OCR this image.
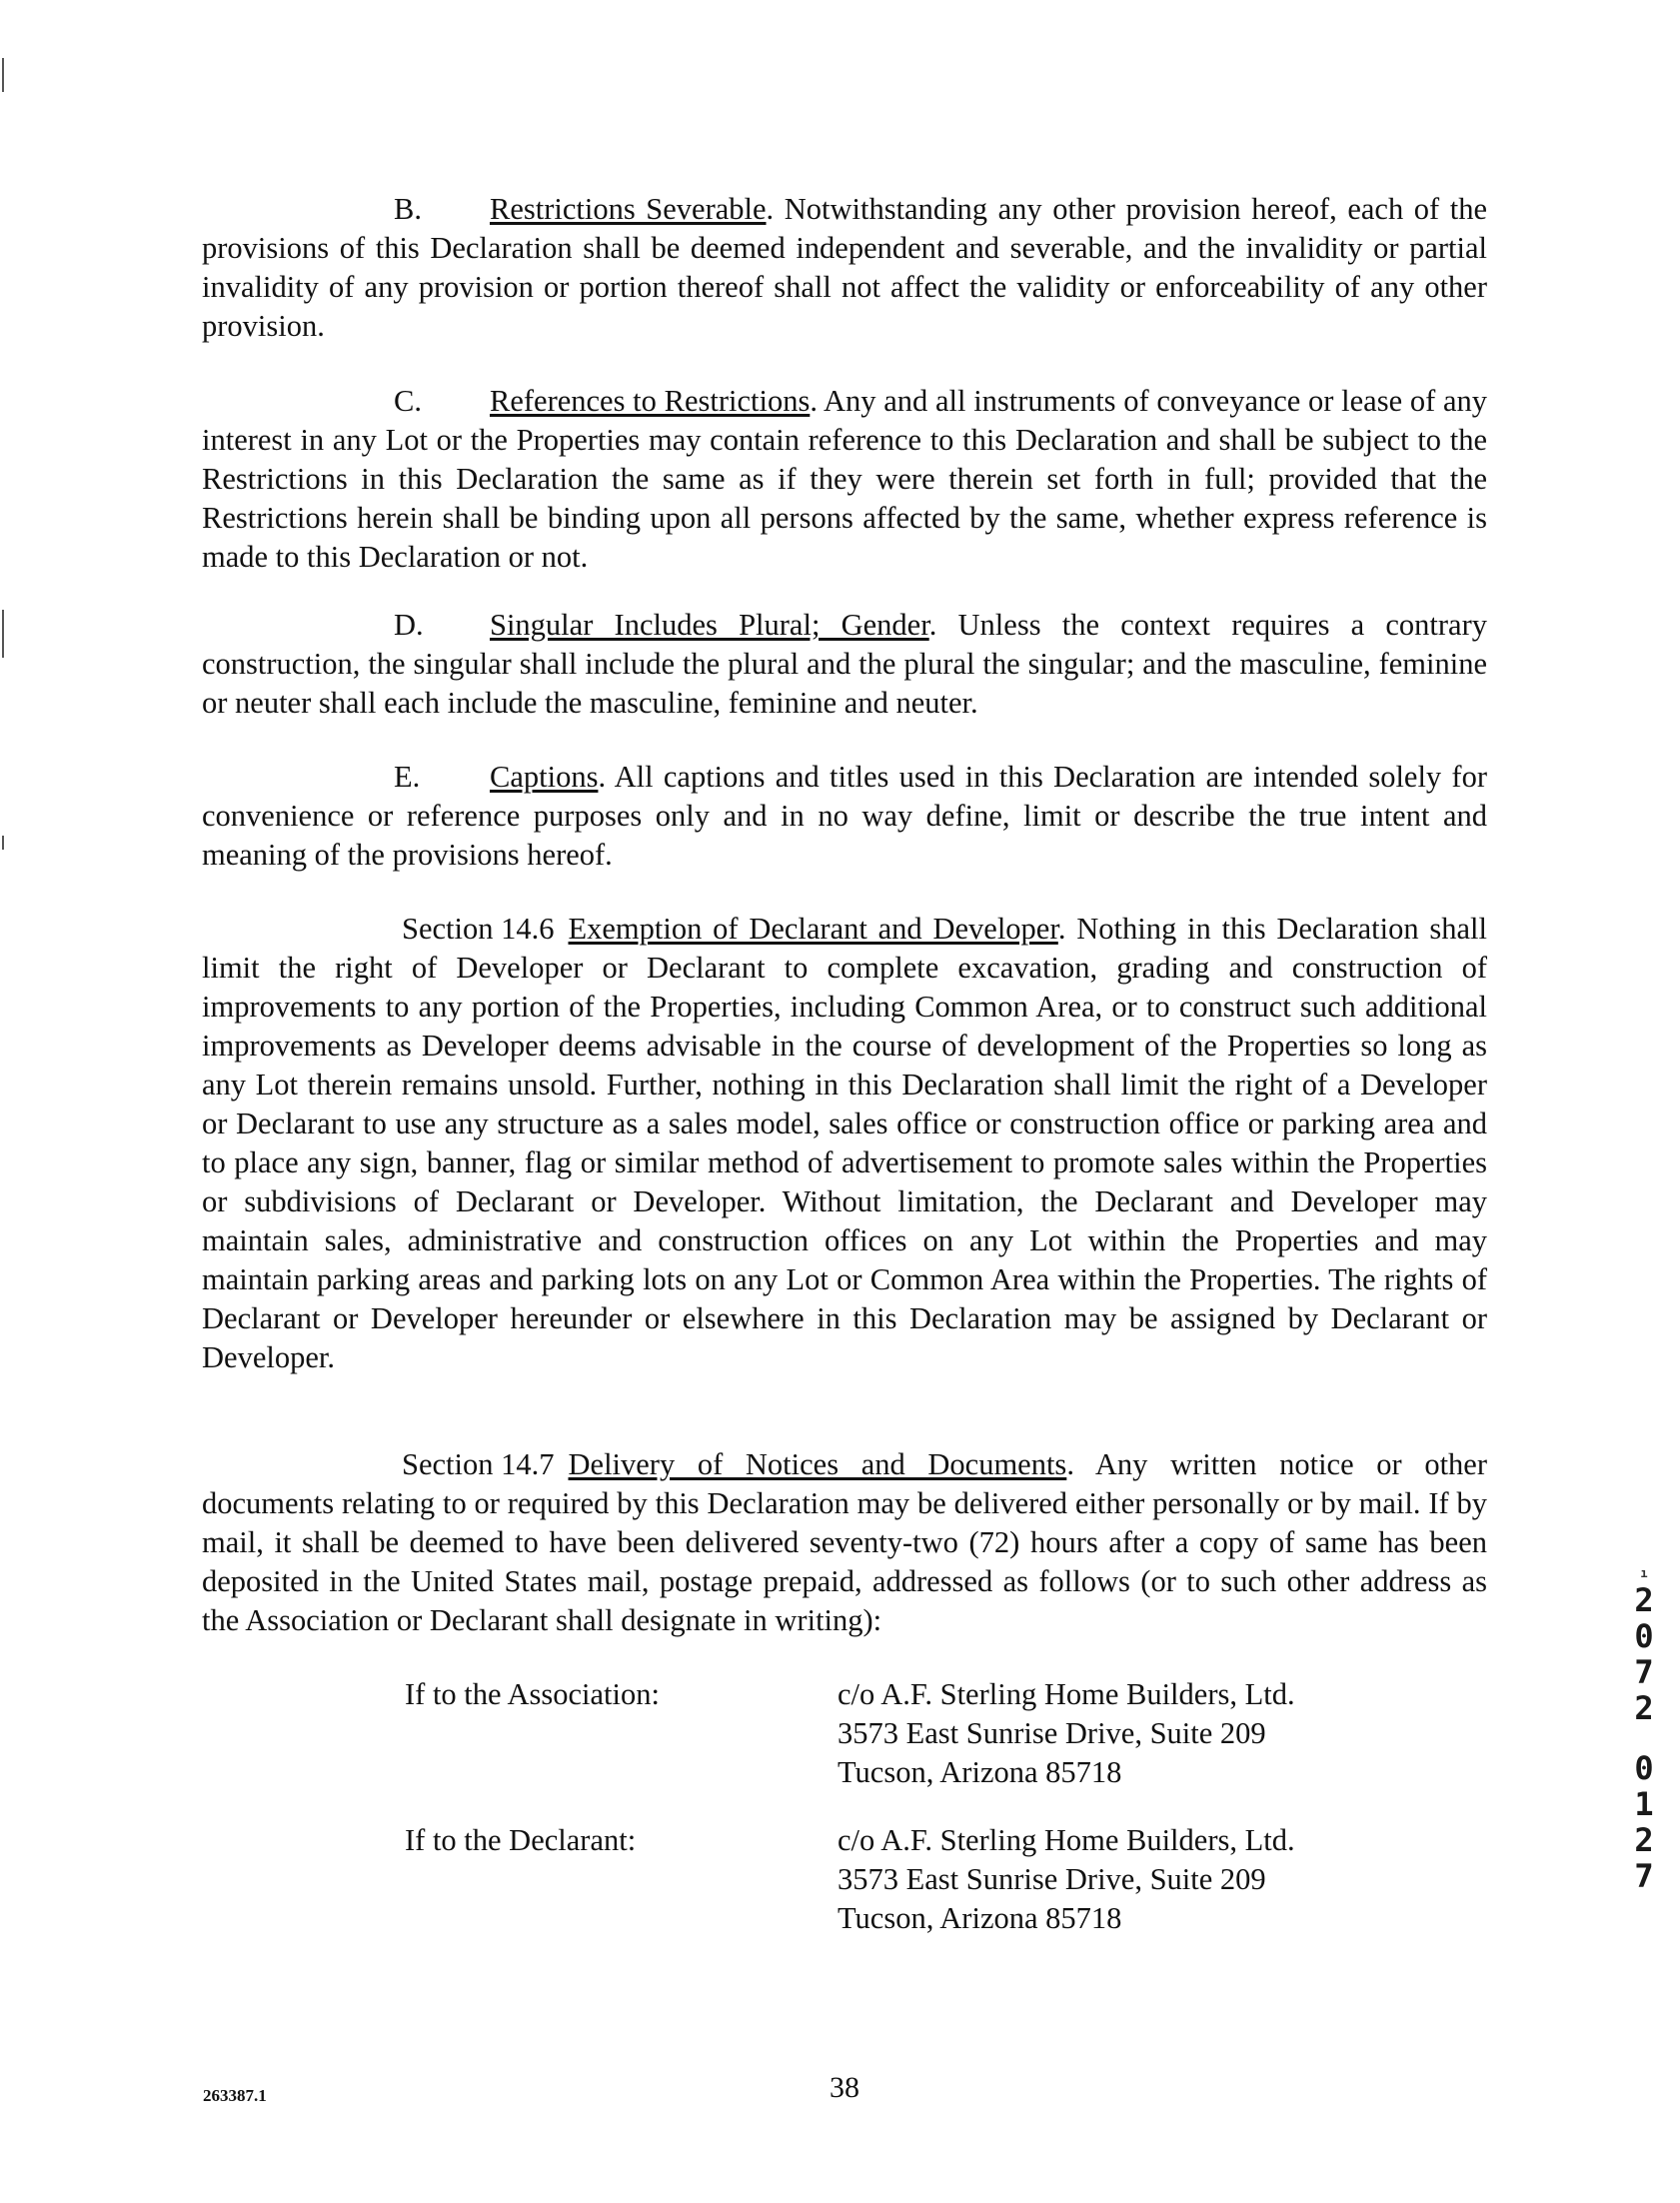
B. Restrictions Severable. Notwithstanding any other provision hereof, each of the provisions of this Declaration shall be deemed independent and severable, and the invalidity or partial invalidity of any provision or portion thereof shall not affect the validity or enforceability of any other provision.
C. References to Restrictions. Any and all instruments of conveyance or lease of any interest in any Lot or the Properties may contain reference to this Declaration and shall be subject to the Restrictions in this Declaration the same as if they were therein set forth in full; provided that the Restrictions herein shall be binding upon all persons affected by the same, whether express reference is made to this Declaration or not.
D. Singular Includes Plural; Gender. Unless the context requires a contrary construction, the singular shall include the plural and the plural the singular; and the masculine, feminine or neuter shall each include the masculine, feminine and neuter.
E. Captions. All captions and titles used in this Declaration are intended solely for convenience or reference purposes only and in no way define, limit or describe the true intent and meaning of the provisions hereof.
Section 14.6 Exemption of Declarant and Developer. Nothing in this Declaration shall limit the right of Developer or Declarant to complete excavation, grading and construction of improvements to any portion of the Properties, including Common Area, or to construct such additional improvements as Developer deems advisable in the course of development of the Properties so long as any Lot therein remains unsold. Further, nothing in this Declaration shall limit the right of a Developer or Declarant to use any structure as a sales model, sales office or construction office or parking area and to place any sign, banner, flag or similar method of advertisement to promote sales within the Properties or subdivisions of Declarant or Developer. Without limitation, the Declarant and Developer may maintain sales, administrative and construction offices on any Lot within the Properties and may maintain parking areas and parking lots on any Lot or Common Area within the Properties. The rights of Declarant or Developer hereunder or elsewhere in this Declaration may be assigned by Declarant or Developer.
Section 14.7 Delivery of Notices and Documents. Any written notice or other documents relating to or required by this Declaration may be delivered either personally or by mail. If by mail, it shall be deemed to have been delivered seventy-two (72) hours after a copy of same has been deposited in the United States mail, postage prepaid, addressed as follows (or to such other address as the Association or Declarant shall designate in writing):
If to the Association:	c/o A.F. Sterling Home Builders, Ltd.
3573 East Sunrise Drive, Suite 209
Tucson, Arizona 85718
If to the Declarant:	c/o A.F. Sterling Home Builders, Ltd.
3573 East Sunrise Drive, Suite 209
Tucson, Arizona 85718
263387.1	38
ı
2
0
7
2
0
1
2
7
